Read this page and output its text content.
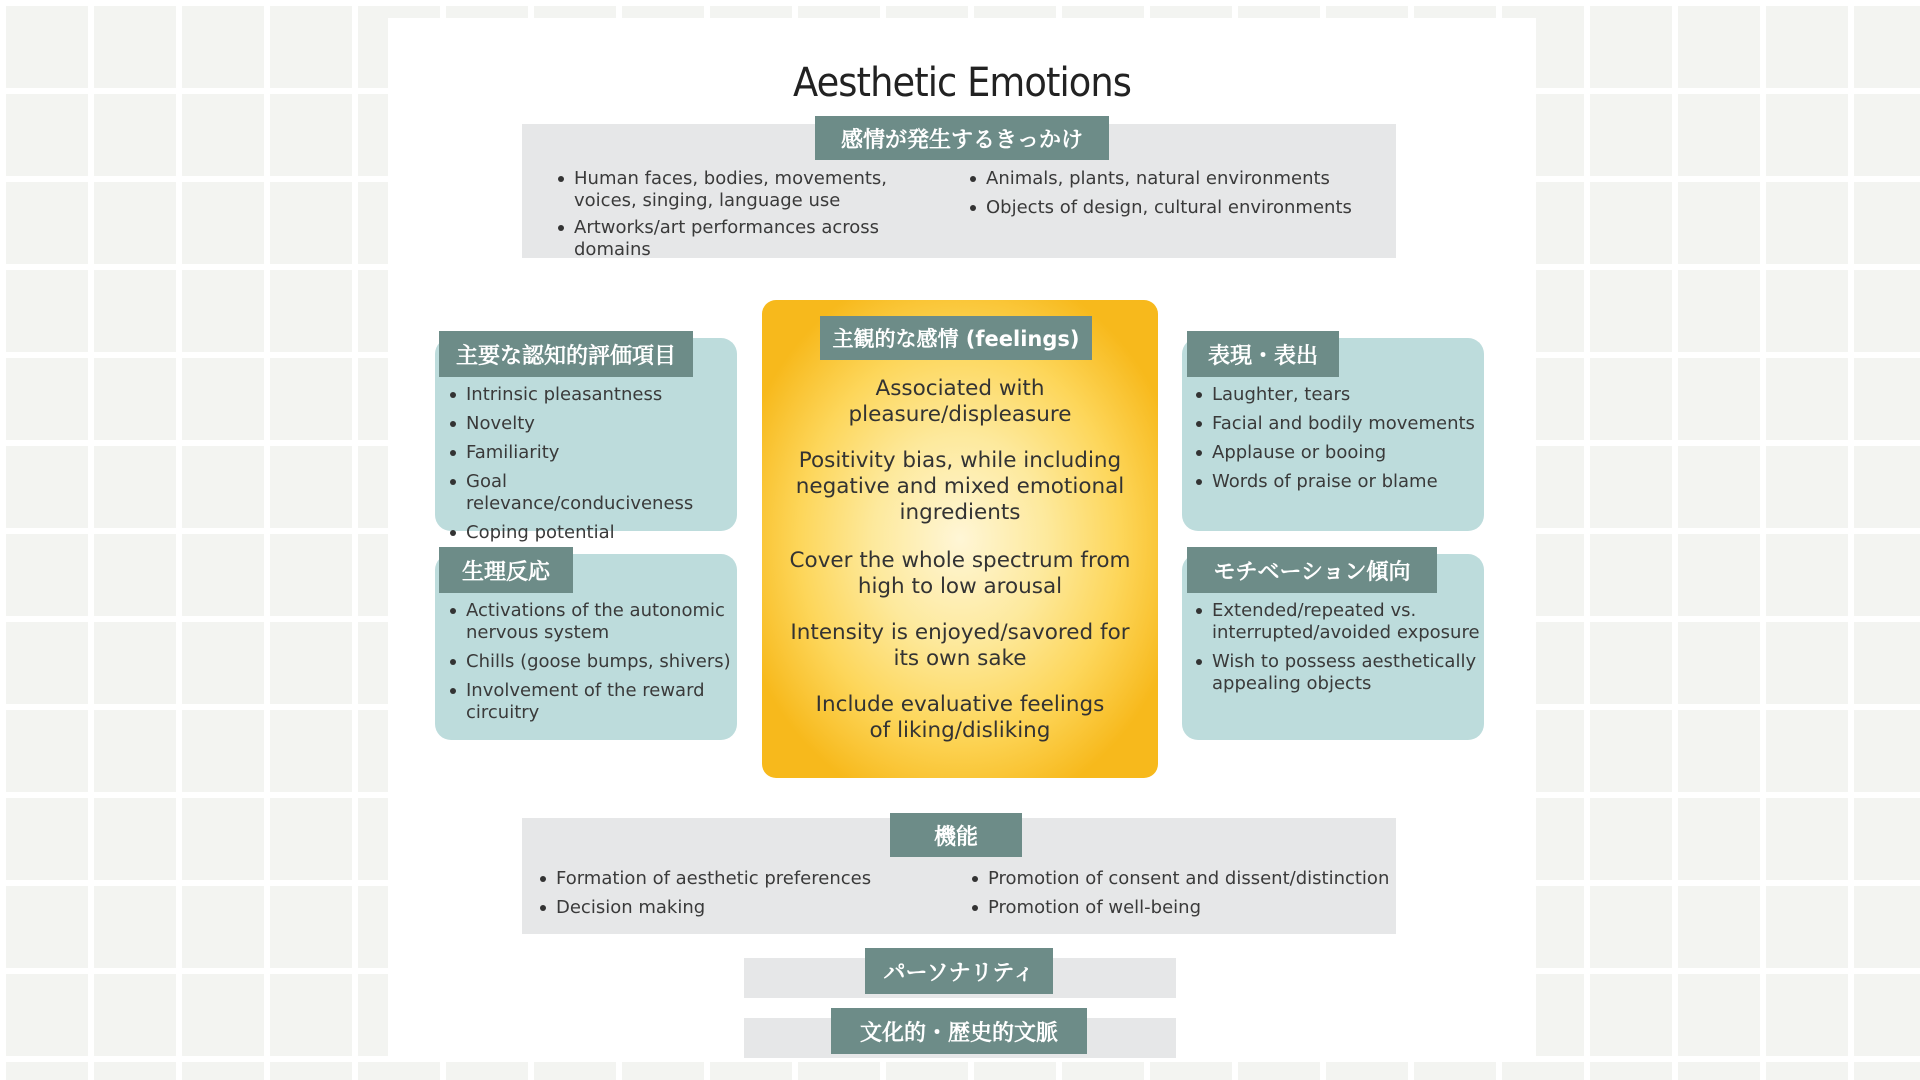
Aesthetic Emotions
感情が発生するきっかけ
Human faces, bodies, movements, voices, singing, language use
Artworks/art performances across domains
Animals, plants, natural environments
Objects of design, cultural environments
主要な認知的評価項目
Intrinsic pleasantness
Novelty
Familiarity
Goal relevance/conduciveness
Coping potential
生理反応
Activations of the autonomic nervous system
Chills (goose bumps, shivers)
Involvement of the reward circuitry
主観的な感情 (feelings)
Associated with pleasure/displeasure
Positivity bias, while including negative and mixed emotional ingredients
Cover the whole spectrum from high to low arousal
Intensity is enjoyed/savored for its own sake
Include evaluative feelings of liking/disliking
表現・表出
Laughter, tears
Facial and bodily movements
Applause or booing
Words of praise or blame
モチベーション傾向
Extended/repeated vs. interrupted/avoided exposure
Wish to possess aesthetically appealing objects
機能
Formation of aesthetic preferences
Decision making
Promotion of consent and dissent/distinction
Promotion of well-being
パーソナリティ
文化的・歴史的文脈
